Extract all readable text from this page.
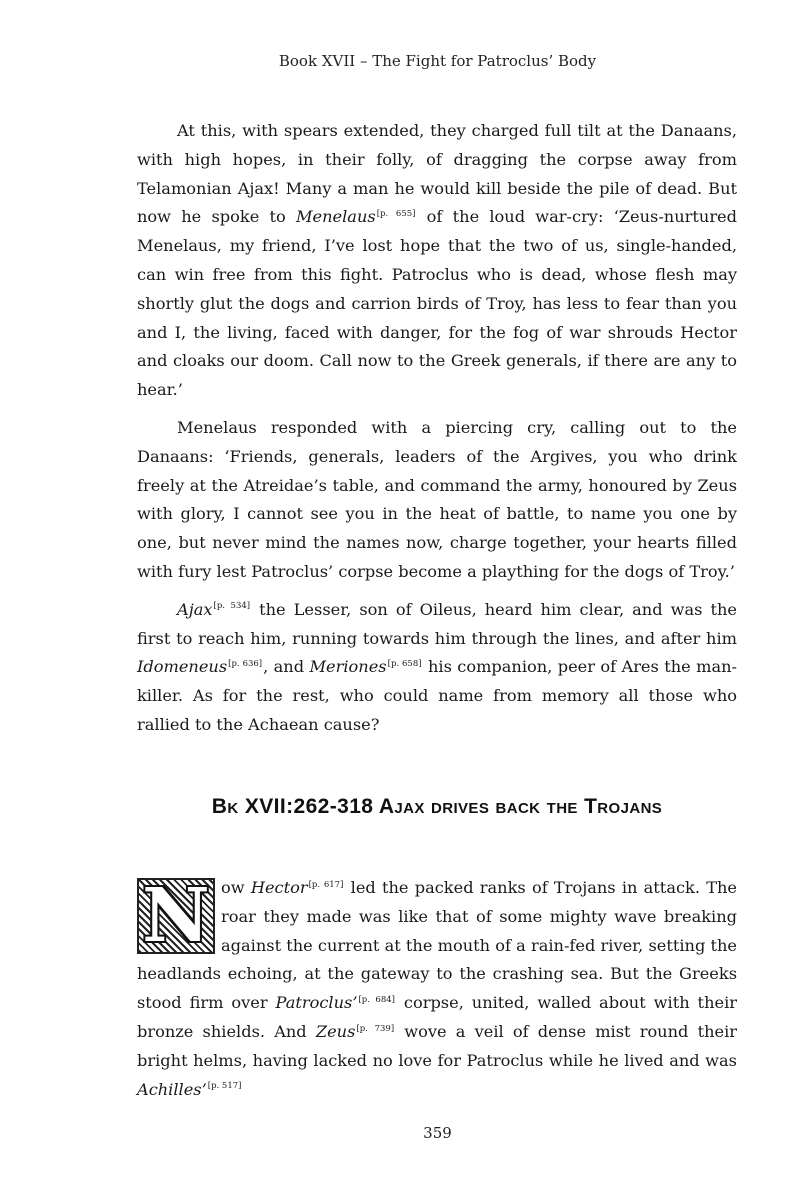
Book XVII – The Fight for Patroclus’ Body

At this, with spears extended, they charged full tilt at the Danaans, with high hopes, in their folly, of dragging the corpse away from Telamonian Ajax! Many a man he would kill beside the pile of dead. But now he spoke to Menelaus[p. 655] of the loud war-cry: ‘Zeus-nurtured Menelaus, my friend, I’ve lost hope that the two of us, single-handed, can win free from this fight. Patroclus who is dead, whose flesh may shortly glut the dogs and carrion birds of Troy, has less to fear than you and I, the living, faced with danger, for the fog of war shrouds Hector and cloaks our doom. Call now to the Greek generals, if there are any to hear.’

Menelaus responded with a piercing cry, calling out to the Danaans: ‘Friends, generals, leaders of the Argives, you who drink freely at the Atreidae’s table, and command the army, honoured by Zeus with glory, I cannot see you in the heat of battle, to name you one by one, but never mind the names now, charge together, your hearts filled with fury lest Patroclus’ corpse become a plaything for the dogs of Troy.’

Ajax[p. 534] the Lesser, son of Oileus, heard him clear, and was the first to reach him, running towards him through the lines, and after him Idomeneus[p. 636], and Meriones[p. 658] his companion, peer of Ares the man-killer. As for the rest, who could name from memory all those who rallied to the Achaean cause?

Bk XVII:262-318 Ajax drives back the Trojans

N ow Hector[p. 617] led the packed ranks of Trojans in attack. The roar they made was like that of some mighty wave breaking against the current at the mouth of a rain-fed river, setting the headlands echoing, at the gateway to the crashing sea. But the Greeks stood firm over Patroclus’[p. 684] corpse, united, walled about with their bronze shields. And Zeus[p. 739] wove a veil of dense mist round their bright helms, having lacked no love for Patroclus while he lived and was Achilles’[p. 517]

359
